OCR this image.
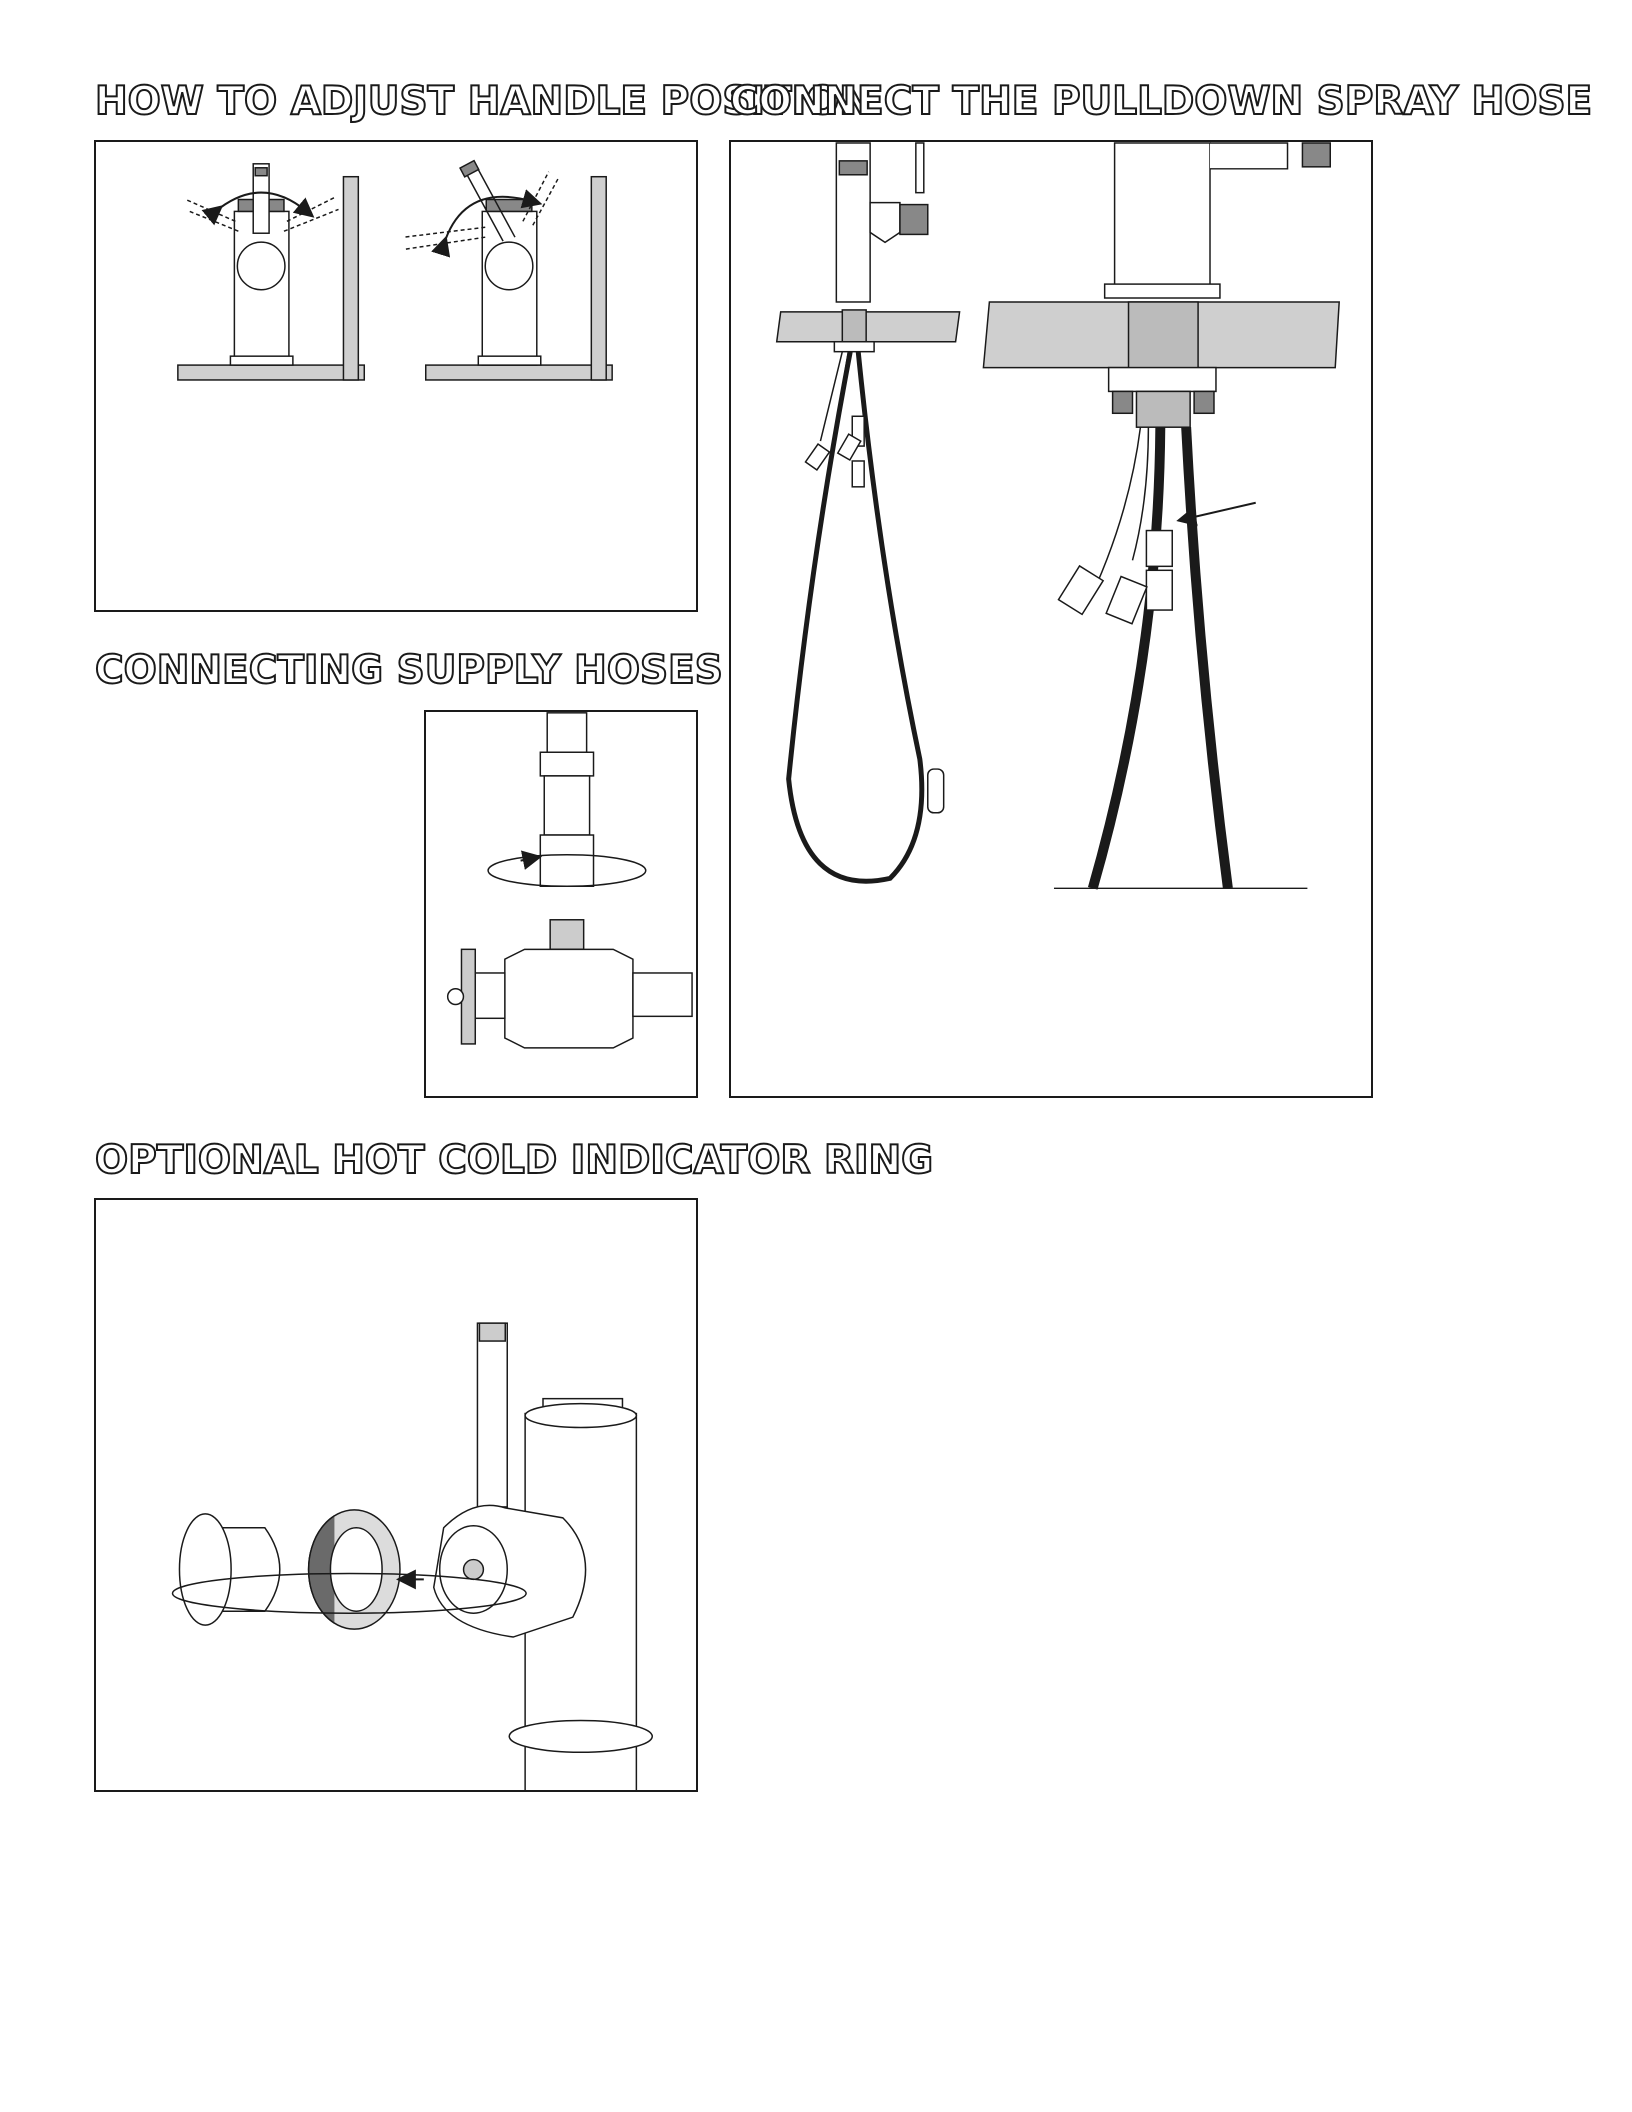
HOW TO ADJUST HANDLE POSITION
CONNECT THE PULLDOWN SPRAY HOSE
CONNECTING SUPPLY HOSES
OPTIONAL HOT COLD INDICATOR RING
